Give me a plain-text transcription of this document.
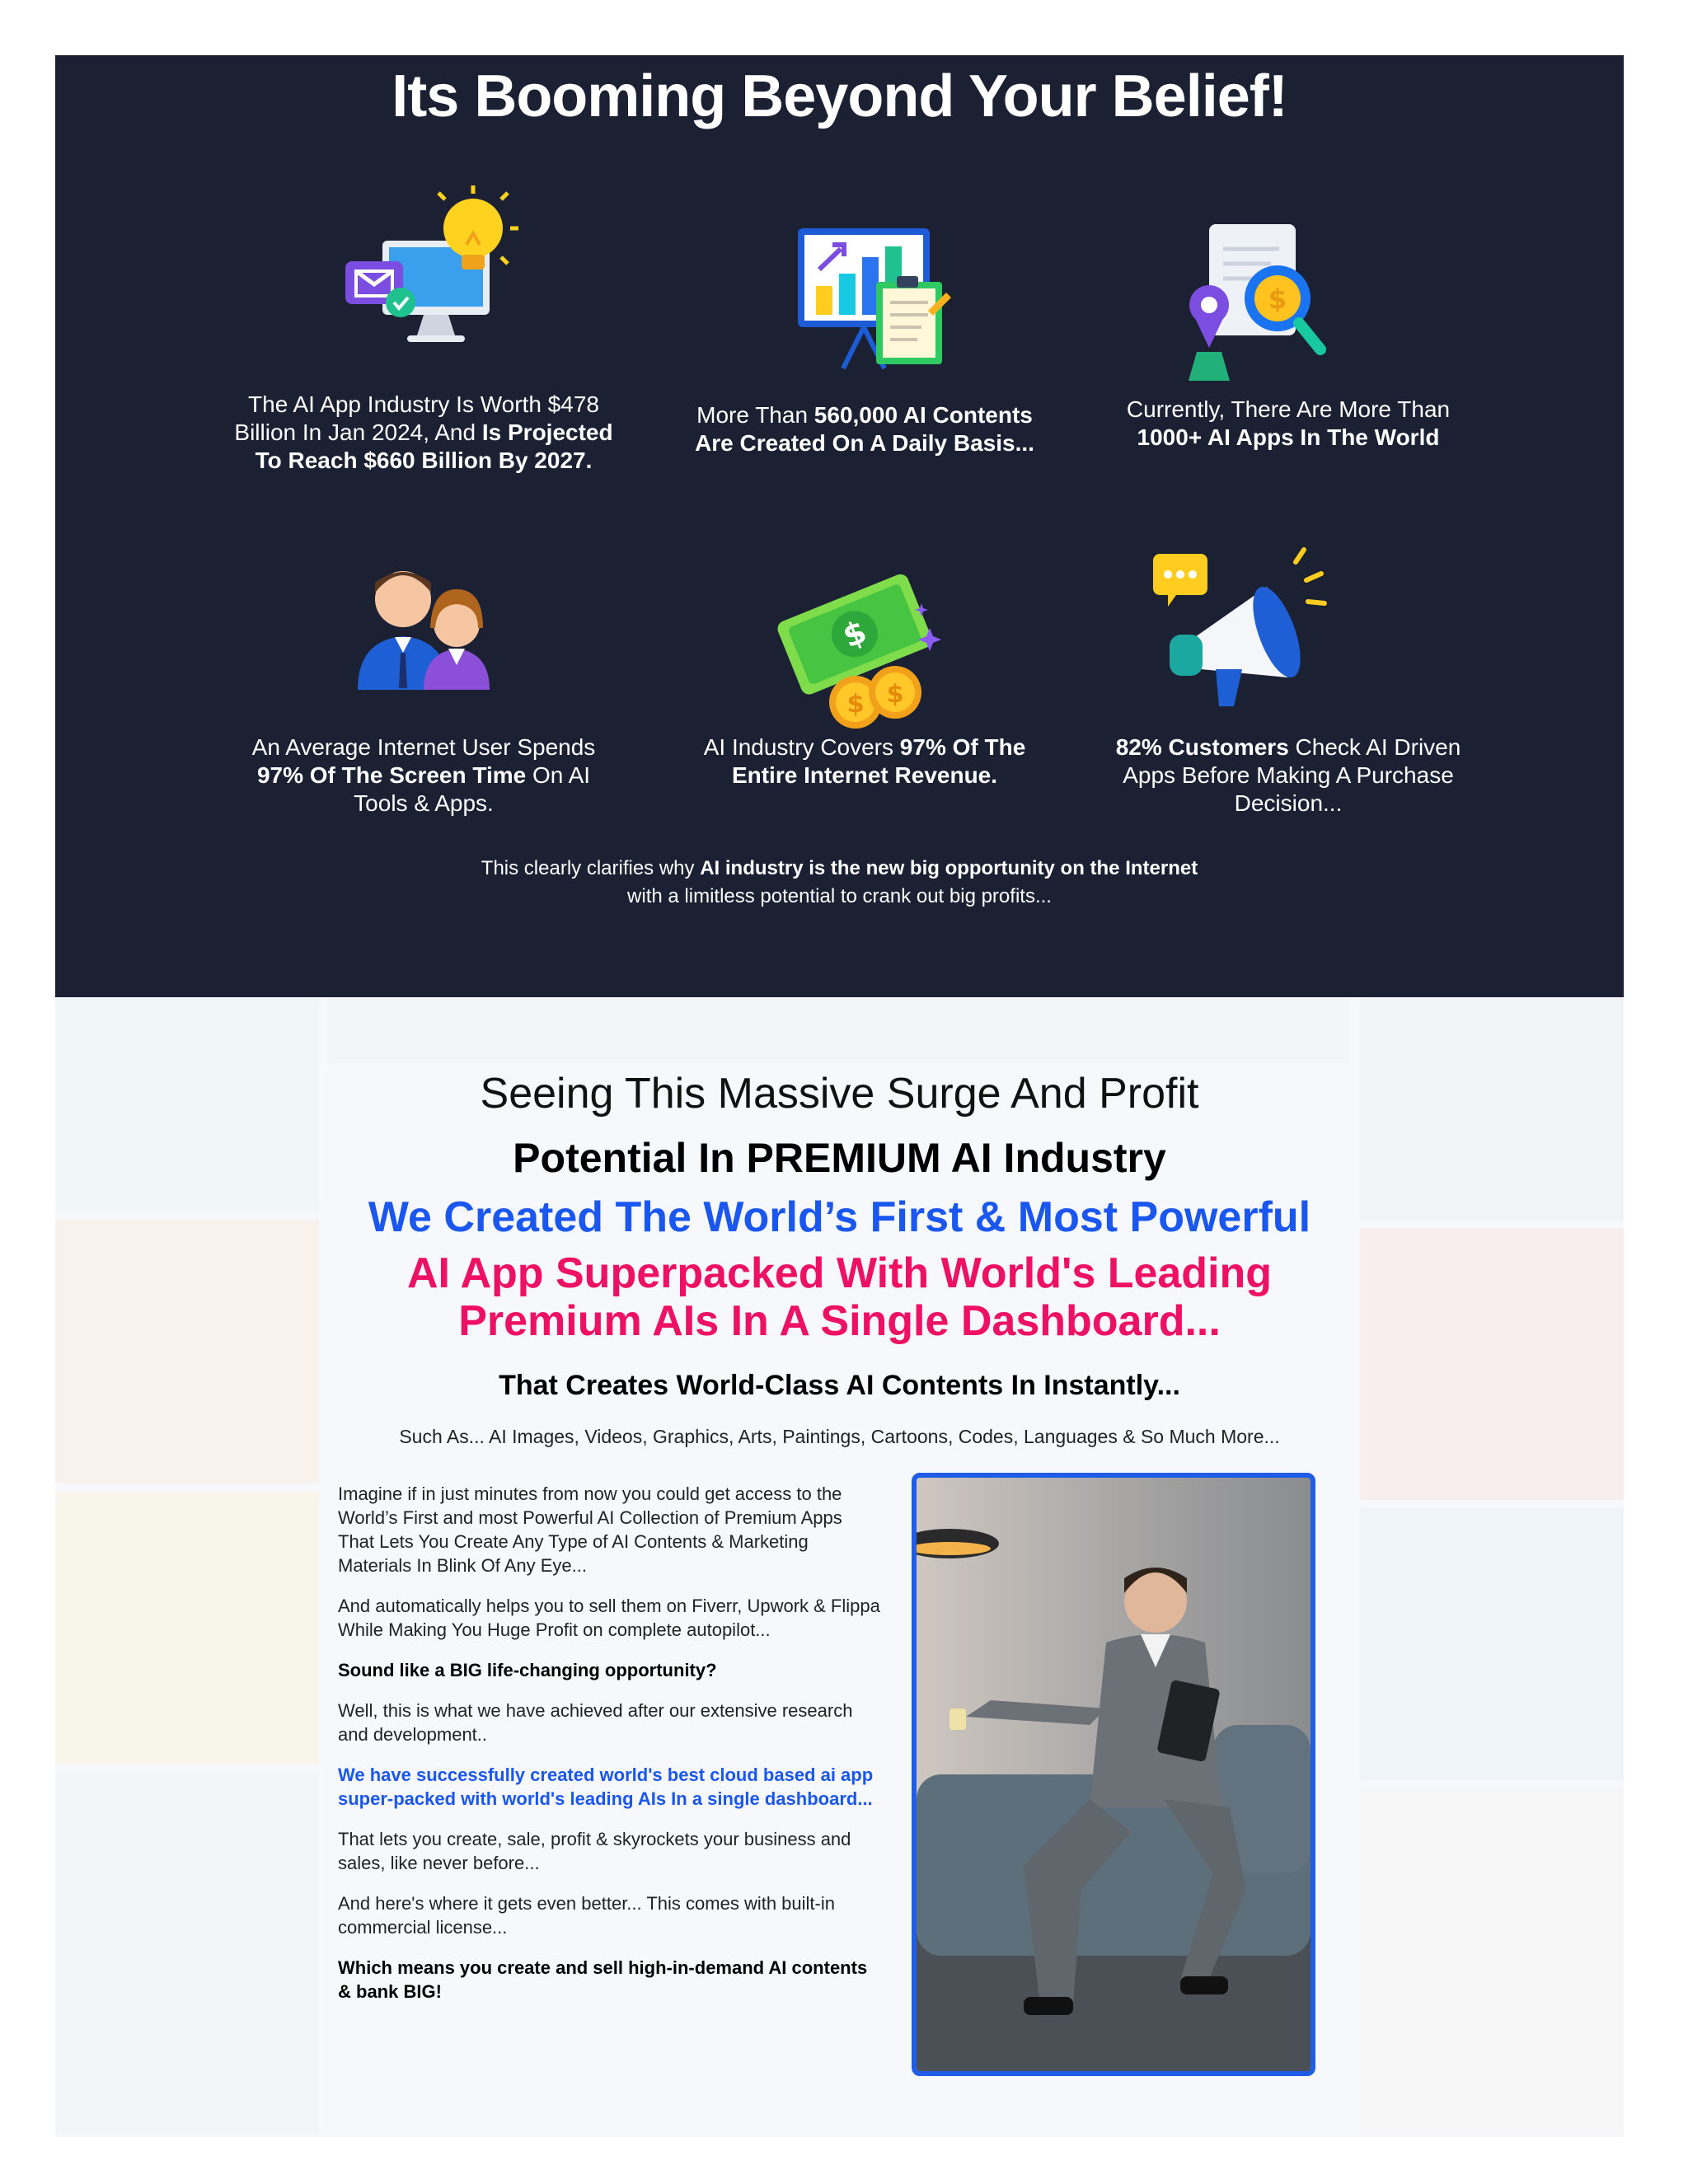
Its Booming Beyond Your Belief!
The AI App Industry Is Worth $478 Billion In Jan 2024, And Is Projected To Reach $660 Billion By 2027.
More Than 560,000 AI Contents Are Created On A Daily Basis...
$
Currently, There Are More Than 1000+ AI Apps In The World
An Average Internet User Spends 97% Of The Screen Time On AI Tools & Apps.
$
$ $
AI Industry Covers 97% Of The Entire Internet Revenue.
82% Customers Check AI Driven Apps Before Making A Purchase Decision...
This clearly clarifies why AI industry is the new big opportunity on the Internet
with a limitless potential to crank out big profits...
Seeing This Massive Surge And Profit
Potential In PREMIUM AI Industry
We Created The World’s First & Most Powerful
AI App Superpacked With World's Leading
Premium AIs In A Single Dashboard...
That Creates World-Class AI Contents In Instantly...
Such As... AI Images, Videos, Graphics, Arts, Paintings, Cartoons, Codes, Languages & So Much More...

Imagine if in just minutes from now you could get access to the World’s First and most Powerful AI Collection of Premium Apps That Lets You Create Any Type of AI Contents & Marketing Materials In Blink Of Any Eye...

And automatically helps you to sell them on Fiverr, Upwork & Flippa While Making You Huge Profit on complete autopilot...

Sound like a BIG life-changing opportunity?

Well, this is what we have achieved after our extensive research and development..

We have successfully created world's best cloud based ai app super-packed with world's leading AIs In a single dashboard...

That lets you create, sale, profit & skyrockets your business and sales, like never before...

And here's where it gets even better... This comes with built-in commercial license...

Which means you create and sell high-in-demand AI contents & bank BIG!
